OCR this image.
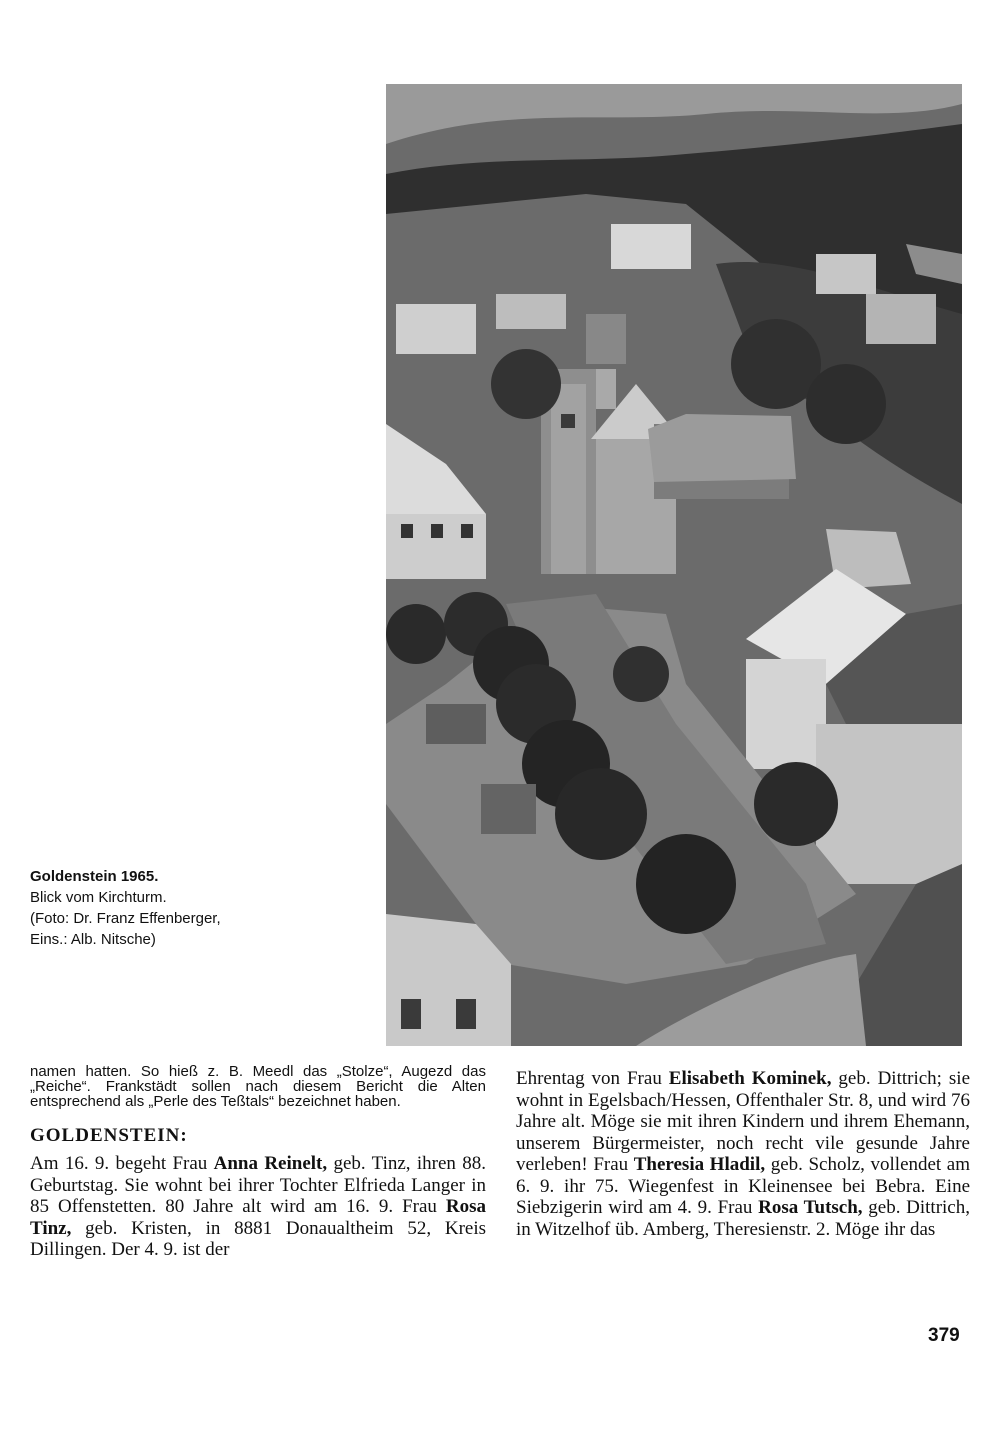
Goldenstein 1965.
Blick vom Kirchturm.
(Foto: Dr. Franz Effenberger,
Eins.: Alb. Nitsche)

namen hatten. So hieß z. B. Meedl das „Stolze“, Augezd das „Reiche“. Frankstädt sollen nach diesem Bericht die Alten entsprechend als „Perle des Teßtals“ bezeichnet haben.

GOLDENSTEIN:

Am 16. 9. begeht Frau Anna Reinelt, geb. Tinz, ihren 88. Geburtstag. Sie wohnt bei ihrer Tochter Elfrieda Langer in 85 Offenstetten. 80 Jahre alt wird am 16. 9. Frau Rosa Tinz, geb. Kristen, in 8881 Donaualtheim 52, Kreis Dillingen. Der 4. 9. ist der

Ehrentag von Frau Elisabeth Kominek, geb. Dittrich; sie wohnt in Egelsbach/Hessen, Offenthaler Str. 8, und wird 76 Jahre alt. Möge sie mit ihren Kindern und ihrem Ehemann, unserem Bürgermeister, noch recht vile gesunde Jahre verleben! Frau Theresia Hladil, geb. Scholz, vollendet am 6. 9. ihr 75. Wiegenfest in Kleinensee bei Bebra. Eine Siebzigerin wird am 4. 9. Frau Rosa Tutsch, geb. Dittrich, in Witzelhof üb. Amberg, Theresienstr. 2. Möge ihr das

379
